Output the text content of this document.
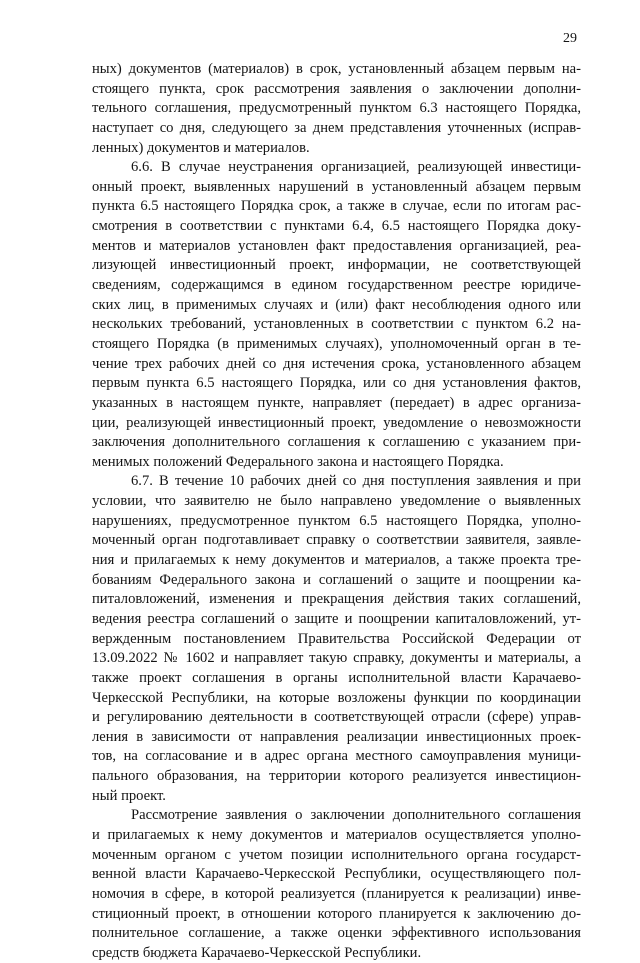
29
ных) документов (материалов) в срок, установленный абзацем первым на-
стоящего пункта, срок рассмотрения заявления о заключении дополни-
тельного соглашения, предусмотренный пунктом 6.3 настоящего Порядка,
наступает со дня, следующего за днем представления уточненных (исправ-
ленных) документов и материалов.
6.6. В случае неустранения организацией, реализующей инвестици-
онный проект, выявленных нарушений в установленный абзацем первым
пункта 6.5 настоящего Порядка срок, а также в случае, если по итогам рас-
смотрения в соответствии с пунктами 6.4, 6.5 настоящего Порядка доку-
ментов и материалов установлен факт предоставления организацией, реа-
лизующей инвестиционный проект, информации, не соответствующей
сведениям, содержащимся в едином государственном реестре юридиче-
ских лиц, в применимых случаях и (или) факт несоблюдения одного или
нескольких требований, установленных в соответствии с пунктом 6.2 на-
стоящего Порядка (в применимых случаях), уполномоченный орган в те-
чение трех рабочих дней со дня истечения срока, установленного абзацем
первым пункта 6.5 настоящего Порядка, или со дня установления фактов,
указанных в настоящем пункте, направляет (передает) в адрес организа-
ции, реализующей инвестиционный проект, уведомление о невозможности
заключения дополнительного соглашения к соглашению с указанием при-
менимых положений Федерального закона и настоящего Порядка.
6.7. В течение 10 рабочих дней со дня поступления заявления и при
условии, что заявителю не было направлено уведомление о выявленных
нарушениях, предусмотренное пунктом 6.5 настоящего Порядка, уполно-
моченный орган подготавливает справку о соответствии заявителя, заявле-
ния и прилагаемых к нему документов и материалов, а также проекта тре-
бованиям Федерального закона и соглашений о защите и поощрении ка-
питаловложений, изменения и прекращения действия таких соглашений,
ведения реестра соглашений о защите и поощрении капиталовложений, ут-
вержденным постановлением Правительства Российской Федерации от
13.09.2022 № 1602 и направляет такую справку, документы и материалы, а
также проект соглашения в органы исполнительной власти Карачаево-
Черкесской Республики, на которые возложены функции по координации
и регулированию деятельности в соответствующей отрасли (сфере) управ-
ления в зависимости от направления реализации инвестиционных проек-
тов, на согласование и в адрес органа местного самоуправления муници-
пального образования, на территории которого реализуется инвестицион-
ный проект.
Рассмотрение заявления о заключении дополнительного соглашения
и прилагаемых к нему документов и материалов осуществляется уполно-
моченным органом с учетом позиции исполнительного органа государст-
венной власти Карачаево-Черкесской Республики, осуществляющего пол-
номочия в сфере, в которой реализуется (планируется к реализации) инве-
стиционный проект, в отношении которого планируется к заключению до-
полнительное соглашение, а также оценки эффективного использования
средств бюджета Карачаево-Черкесской Республики.
